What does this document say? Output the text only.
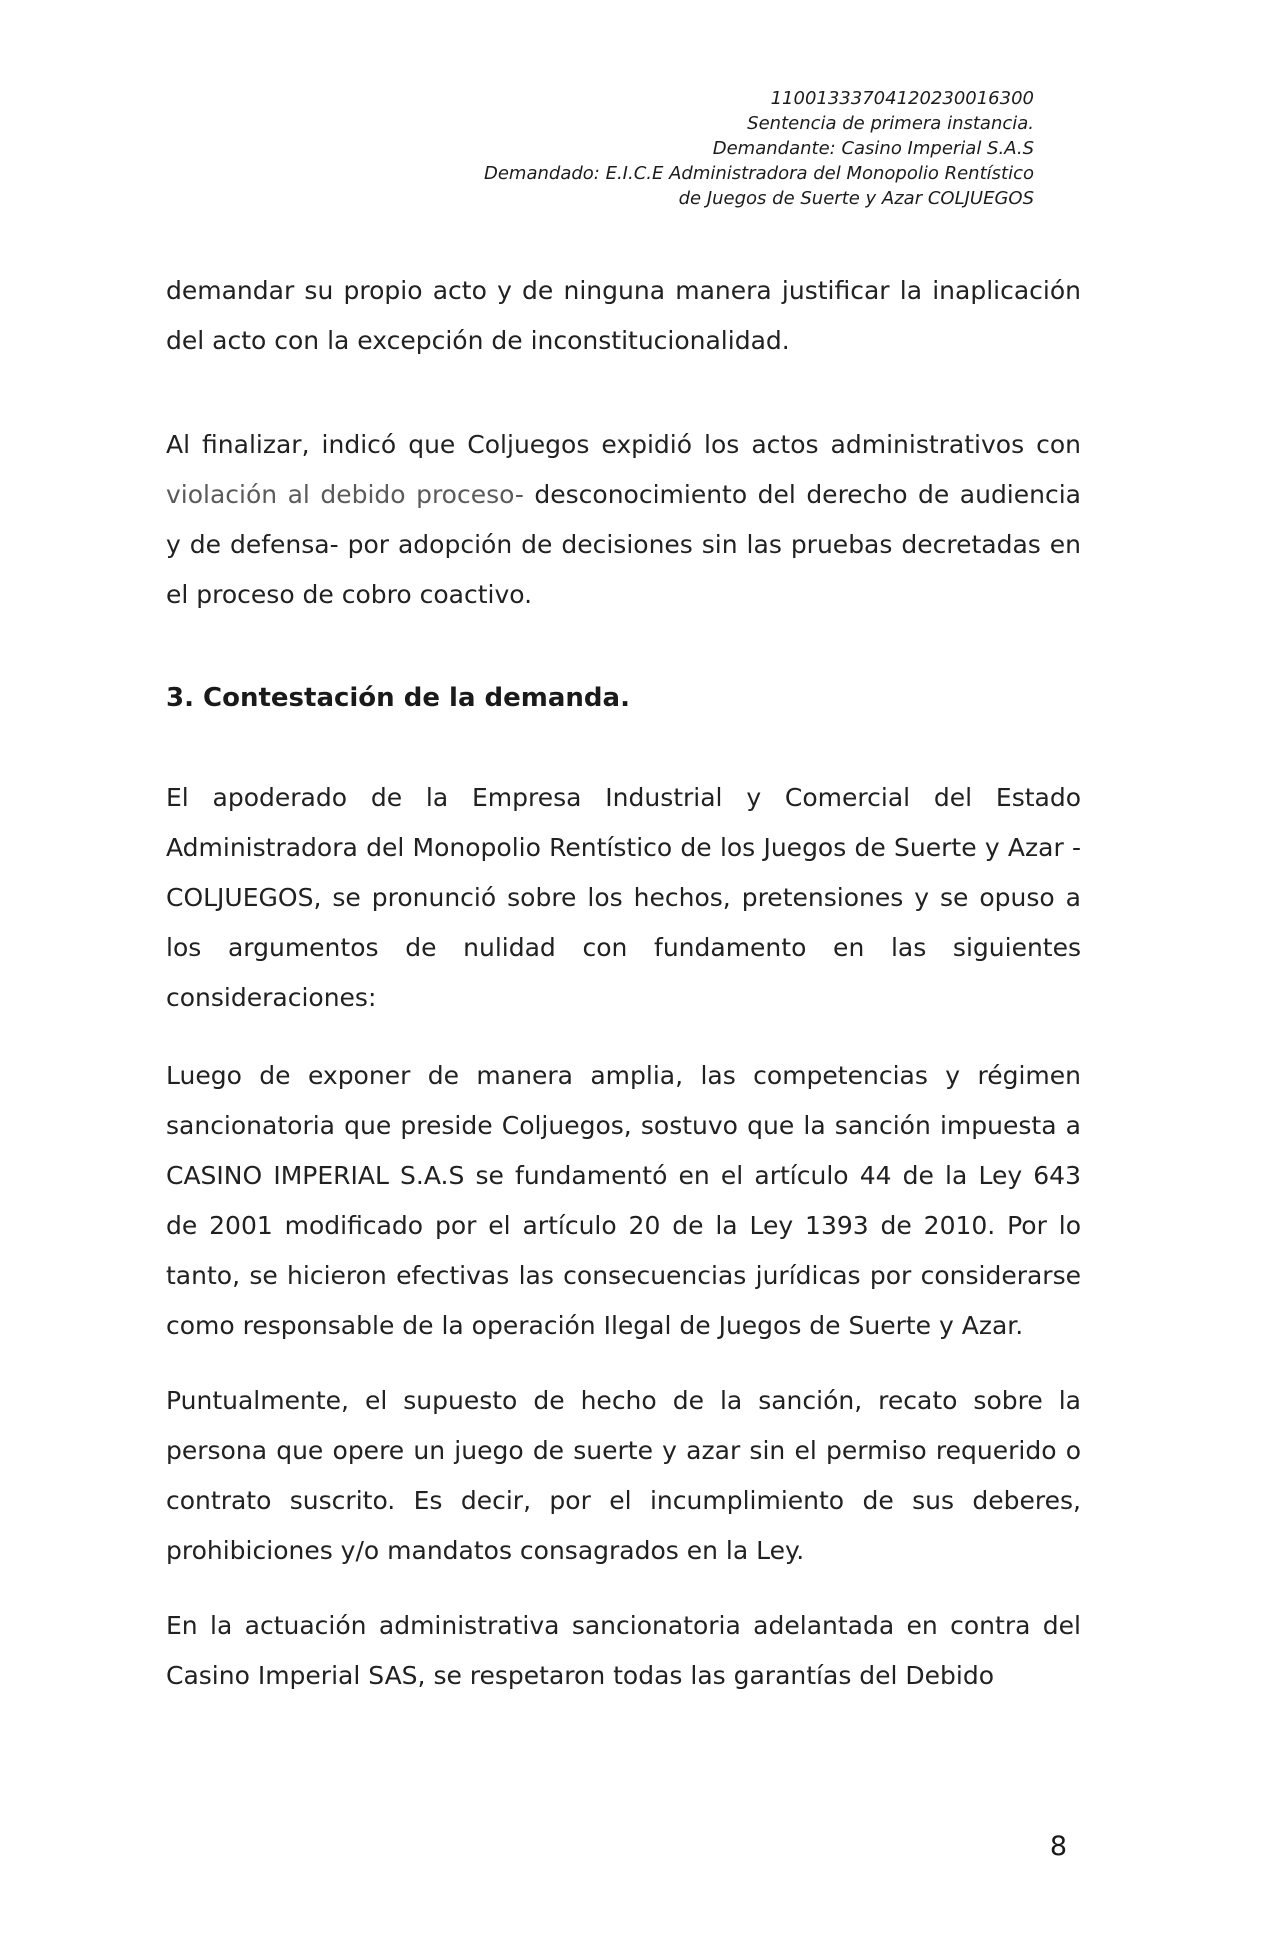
11001333704120230016300
Sentencia de primera instancia.
Demandante: Casino Imperial S.A.S
Demandado: E.I.C.E Administradora del Monopolio Rentístico
de Juegos de Suerte y Azar COLJUEGOS

demandar su propio acto y de ninguna manera justificar la inaplicación del acto con la excepción de inconstitucionalidad.

Al finalizar, indicó que Coljuegos expidió los actos administrativos con violación al debido proceso- desconocimiento del derecho de audiencia y de defensa- por adopción de decisiones sin las pruebas decretadas en el proceso de cobro coactivo.

3. Contestación de la demanda.

El apoderado de la Empresa Industrial y Comercial del Estado Administradora del Monopolio Rentístico de los Juegos de Suerte y Azar -COLJUEGOS, se pronunció sobre los hechos, pretensiones y se opuso a los argumentos de nulidad con fundamento en las siguientes consideraciones:

Luego de exponer de manera amplia, las competencias y régimen sancionatoria que preside Coljuegos, sostuvo que la sanción impuesta a CASINO IMPERIAL S.A.S se fundamentó en el artículo 44 de la Ley 643 de 2001 modificado por el artículo 20 de la Ley 1393 de 2010. Por lo tanto, se hicieron efectivas las consecuencias jurídicas por considerarse como responsable de la operación Ilegal de Juegos de Suerte y Azar.

Puntualmente, el supuesto de hecho de la sanción, recato sobre la persona que opere un juego de suerte y azar sin el permiso requerido o contrato suscrito. Es decir, por el incumplimiento de sus deberes, prohibiciones y/o mandatos consagrados en la Ley.

En la actuación administrativa sancionatoria adelantada en contra del Casino Imperial SAS, se respetaron todas las garantías del Debido

8
